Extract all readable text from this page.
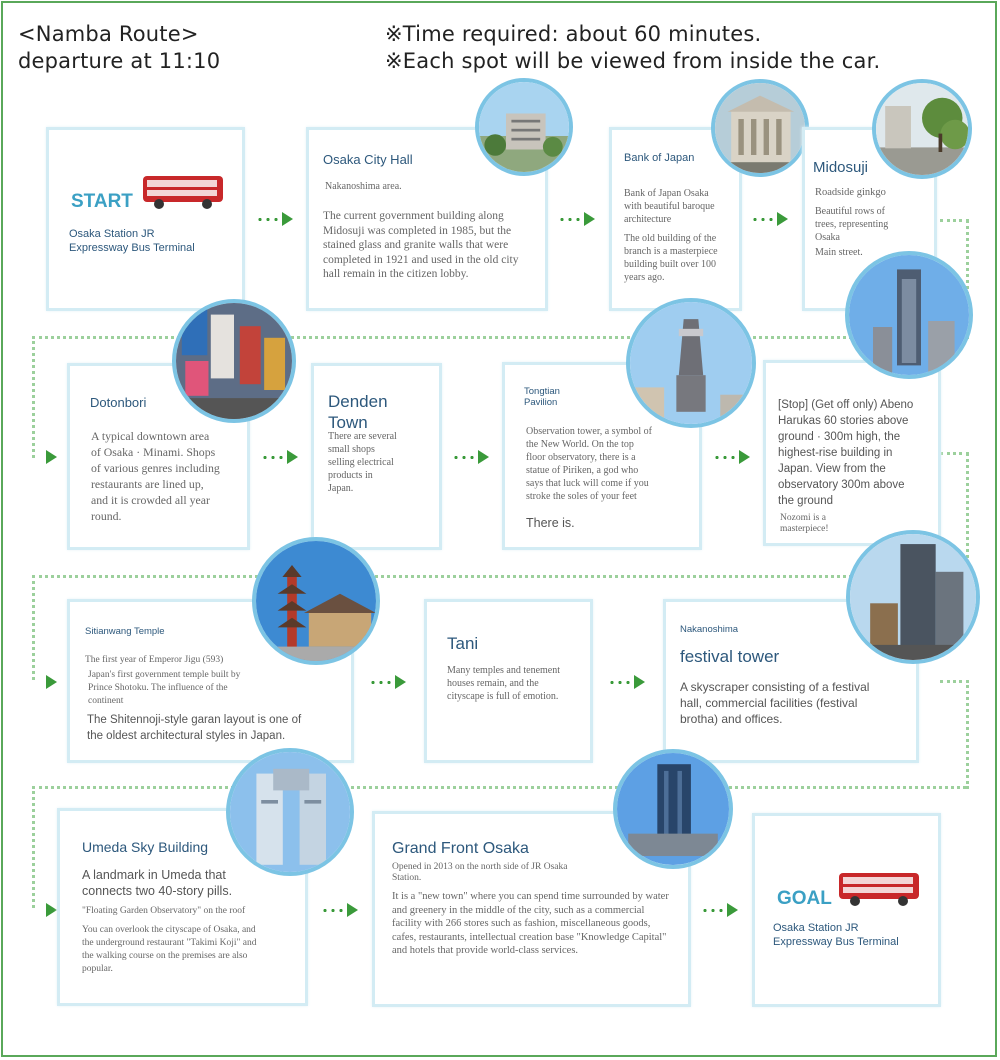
<Namba Route>
departure at 11:10
※Time required: about 60 minutes.
※Each spot will be viewed from inside the car.
START
Osaka Station JR
Expressway Bus Terminal
Osaka City Hall
Nakanoshima area.
The current government building along Midosuji was completed in 1985, but the stained glass and granite walls that were completed in 1921 and used in the old city hall remain in the citizen lobby.
Bank of Japan
Bank of Japan Osaka with beautiful baroque architecture
The old building of the branch is a masterpiece building built over 100 years ago.
Midosuji
Roadside ginkgo
Beautiful rows of trees, representing Osaka
Main street.
Dotonbori
A typical downtown area of Osaka · Minami. Shops of various genres including restaurants are lined up, and it is crowded all year round.
Denden Town
There are several small shops selling electrical products in Japan.
Tongtian Pavilion
Observation tower, a symbol of the New World. On the top floor observatory, there is a statue of Piriken, a god who says that luck will come if you stroke the soles of your feet
There is.
[Stop] (Get off only) Abeno Harukas 60 stories above ground · 300m high, the highest-rise building in Japan. View from the observatory 300m above the ground
Nozomi is a masterpiece!
Sitianwang Temple
The first year of Emperor Jigu (593)
Japan's first government temple built by Prince Shotoku. The influence of the continent
The Shitennoji-style garan layout is one of the oldest architectural styles in Japan.
Tani
Many temples and tenement houses remain, and the cityscape is full of emotion.
Nakanoshima
festival tower
A skyscraper consisting of a festival hall, commercial facilities (festival brotha) and offices.
Umeda Sky Building
A landmark in Umeda that connects two 40-story pills.
"Floating Garden Observatory" on the roof
You can overlook the cityscape of Osaka, and the underground restaurant "Takimi Koji" and the walking course on the premises are also popular.
Grand Front Osaka
Opened in 2013 on the north side of JR Osaka Station.
It is a "new town" where you can spend time surrounded by water and greenery in the middle of the city, such as a commercial facility with 266 stores such as fashion, miscellaneous goods, cafes, restaurants, intellectual creation base "Knowledge Capital" and hotels that provide world-class services.
GOAL
Osaka Station JR
Expressway Bus Terminal
